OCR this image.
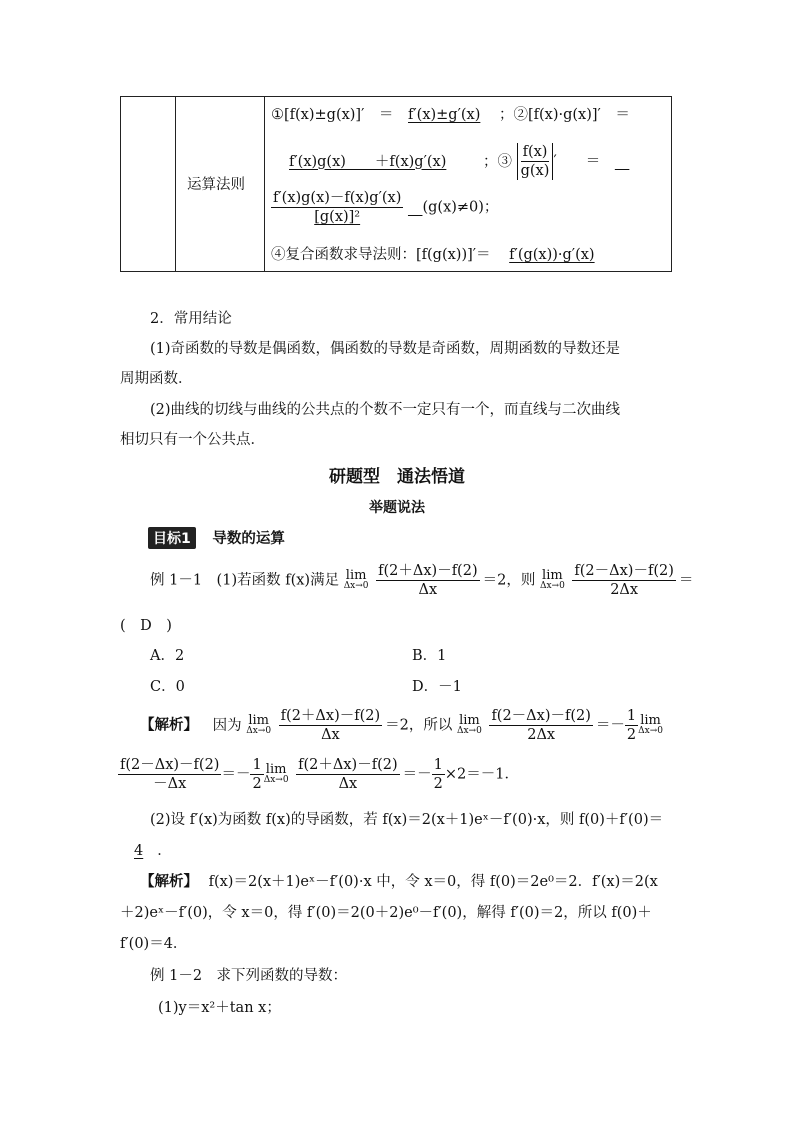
运算法则
①[f(x)±g(x)]′　＝ f′(x)±g′(x) ；②[f(x)·g(x)]′　＝
f′(x)g(x)　　＋f(x)g′(x)	；③ $\frac{f(x)}{g(x)}$ ′　　＝ 　
$\frac{f'(x)g(x)-f(x)g'(x)}{\text{[g(x)]²}}$
　 (g(x)≠0)；
④复合函数求导法则：[f(g(x))]′＝ f′(g(x))·g′(x)
2．常用结论
(1)奇函数的导数是偶函数，偶函数的导数是奇函数，周期函数的导数还是
周期函数．
(2)曲线的切线与曲线的公共点的个数不一定只有一个，而直线与二次曲线
相切只有一个公共点．
研题型　通法悟道
举题说法
目标1 导数的运算
例 1－1　(1)若函数 f(x)满足 lim
Δx→0
$\frac{f(2+\Delta x)-f(2)}{\Delta x} =2$，则 lim
Δx→0
$\frac{f(2-\Delta x)-f(2)}{2\Delta x}$ ＝
(　D　)
A．2	B．1
C．0	D．－1
【解析】 因为 lim
Δx→0
$\frac{f(2+\Delta x)-f(2)}{\Delta x} =2$，所以 lim
Δx→0
$\frac{f(2-\Delta x)-f(2)}{2\Delta x} =- \frac{1}{2}$ lim
Δx→0
$\frac{f(2-\Delta x)-f(2)}{-\Delta x} =- \frac{1}{2}$ lim
Δx→0
$\frac{f(2+\Delta x)-f(2)}{\Delta x} =- \frac{1}{2} \times 2=-1$．
(2)设 f′(x)为函数 f(x)的导函数，若 f(x)＝2(x＋1)eˣ－f′(0)·x，则 f(0)＋f′(0)＝
4 ．
【解析】 f(x)＝2(x＋1)eˣ－f′(0)·x 中，令 x＝0，得 f(0)＝2e⁰＝2．f′(x)＝2(x
＋2)eˣ－f′(0)，令 x＝0，得 f′(0)＝2(0＋2)e⁰－f′(0)，解得 f′(0)＝2，所以 f(0)＋
f′(0)＝4．
例 1－2　求下列函数的导数：
(1)y＝x²＋tan x；
